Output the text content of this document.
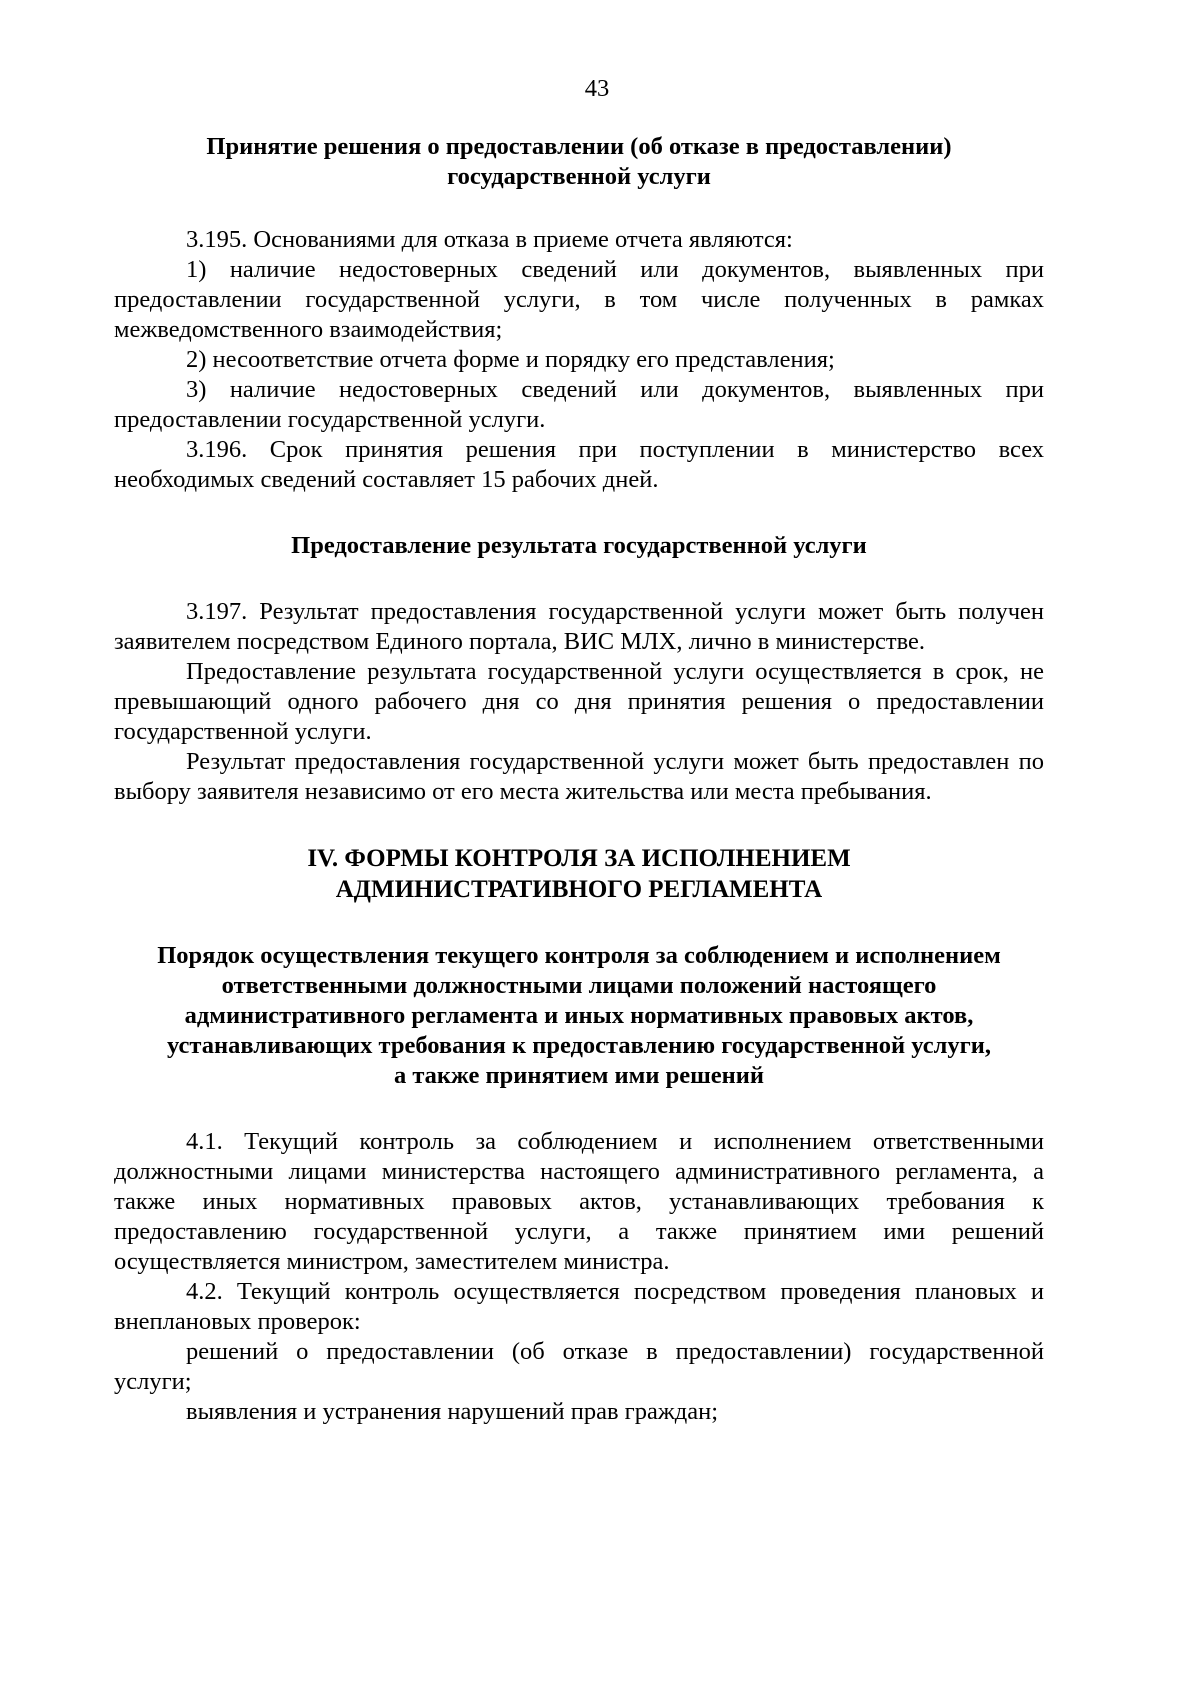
43
Принятие решения о предоставлении (об отказе в предоставлении)
государственной услуги

3.195. Основаниями для отказа в приеме отчета являются:

1) наличие недостоверных сведений или документов, выявленных при предоставлении государственной услуги, в том числе полученных в рамках межведомственного взаимодействия;

2) несоответствие отчета форме и порядку его представления;

3) наличие недостоверных сведений или документов, выявленных при предоставлении государственной услуги.

3.196. Срок принятия решения при поступлении в министерство всех необходимых сведений составляет 15 рабочих дней.

Предоставление результата государственной услуги

3.197. Результат предоставления государственной услуги может быть получен заявителем посредством Единого портала, ВИС МЛХ, лично в министерстве.

Предоставление результата государственной услуги осуществляется в срок, не превышающий одного рабочего дня со дня принятия решения о предоставлении государственной услуги.

Результат предоставления государственной услуги может быть предоставлен по выбору заявителя независимо от его места жительства или места пребывания.

IV. ФОРМЫ КОНТРОЛЯ ЗА ИСПОЛНЕНИЕМ
АДМИНИСТРАТИВНОГО РЕГЛАМЕНТА
Порядок осуществления текущего контроля за соблюдением и исполнением
ответственными должностными лицами положений настоящего
административного регламента и иных нормативных правовых актов,
устанавливающих требования к предоставлению государственной услуги,
а также принятием ими решений

4.1. Текущий контроль за соблюдением и исполнением ответственными должностными лицами министерства настоящего административного регламента, а также иных нормативных правовых актов, устанавливающих требования к предоставлению государственной услуги, а также принятием ими решений осуществляется министром, заместителем министра.

4.2. Текущий контроль осуществляется посредством проведения плановых и внеплановых проверок:

решений о предоставлении (об отказе в предоставлении) государственной услуги;

выявления и устранения нарушений прав граждан;
